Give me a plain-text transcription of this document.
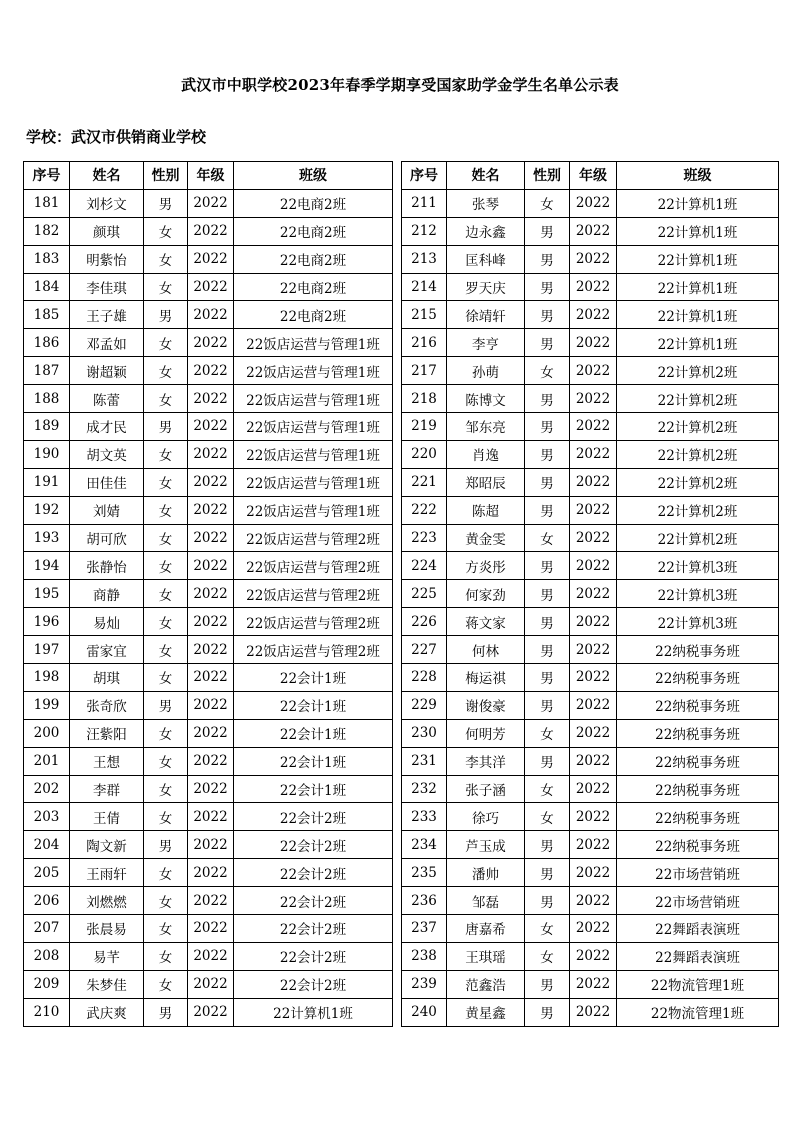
武汉市中职学校2023年春季学期享受国家助学金学生名单公示表
学校：武汉市供销商业学校
序号	姓名	性别	年级	班级
181	刘杉文	男	2022	22电商2班
182	颜琪	女	2022	22电商2班
183	明紫怡	女	2022	22电商2班
184	李佳琪	女	2022	22电商2班
185	王子雄	男	2022	22电商2班
186	邓孟如	女	2022	22饭店运营与管理1班
187	谢超颖	女	2022	22饭店运营与管理1班
188	陈蕾	女	2022	22饭店运营与管理1班
189	成才民	男	2022	22饭店运营与管理1班
190	胡文英	女	2022	22饭店运营与管理1班
191	田佳佳	女	2022	22饭店运营与管理1班
192	刘婧	女	2022	22饭店运营与管理1班
193	胡可欣	女	2022	22饭店运营与管理2班
194	张静怡	女	2022	22饭店运营与管理2班
195	商静	女	2022	22饭店运营与管理2班
196	易灿	女	2022	22饭店运营与管理2班
197	雷家宜	女	2022	22饭店运营与管理2班
198	胡琪	女	2022	22会计1班
199	张奇欣	男	2022	22会计1班
200	汪紫阳	女	2022	22会计1班
201	王想	女	2022	22会计1班
202	李群	女	2022	22会计1班
203	王倩	女	2022	22会计2班
204	陶文新	男	2022	22会计2班
205	王雨轩	女	2022	22会计2班
206	刘燃燃	女	2022	22会计2班
207	张晨易	女	2022	22会计2班
208	易芊	女	2022	22会计2班
209	朱梦佳	女	2022	22会计2班
210	武庆爽	男	2022	22计算机1班
序号	姓名	性别	年级	班级
211	张琴	女	2022	22计算机1班
212	边永鑫	男	2022	22计算机1班
213	匡科峰	男	2022	22计算机1班
214	罗天庆	男	2022	22计算机1班
215	徐靖轩	男	2022	22计算机1班
216	李亨	男	2022	22计算机1班
217	孙萌	女	2022	22计算机2班
218	陈博文	男	2022	22计算机2班
219	邹东亮	男	2022	22计算机2班
220	肖逸	男	2022	22计算机2班
221	郑昭辰	男	2022	22计算机2班
222	陈超	男	2022	22计算机2班
223	黄金雯	女	2022	22计算机2班
224	方炎彤	男	2022	22计算机3班
225	何家劲	男	2022	22计算机3班
226	蒋文家	男	2022	22计算机3班
227	何林	男	2022	22纳税事务班
228	梅运祺	男	2022	22纳税事务班
229	谢俊豪	男	2022	22纳税事务班
230	何明芳	女	2022	22纳税事务班
231	李其洋	男	2022	22纳税事务班
232	张子涵	女	2022	22纳税事务班
233	徐巧	女	2022	22纳税事务班
234	芦玉成	男	2022	22纳税事务班
235	潘帅	男	2022	22市场营销班
236	邹磊	男	2022	22市场营销班
237	唐嘉希	女	2022	22舞蹈表演班
238	王琪瑶	女	2022	22舞蹈表演班
239	范鑫浩	男	2022	22物流管理1班
240	黄星鑫	男	2022	22物流管理1班
